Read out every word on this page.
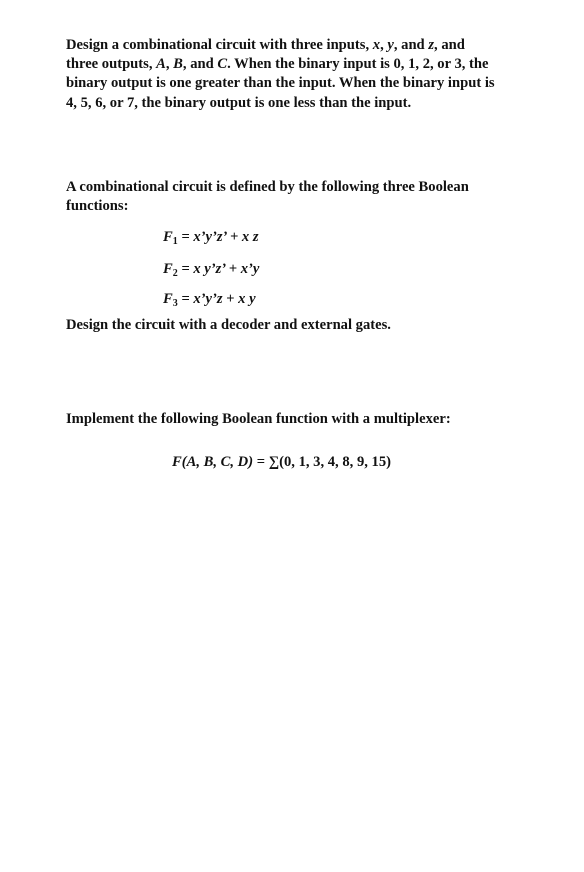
Design a combinational circuit with three inputs, x, y, and z, and three outputs, A, B, and C. When the binary input is 0, 1, 2, or 3, the binary output is one greater than the input. When the binary input is 4, 5, 6, or 7, the binary output is one less than the input.

A combinational circuit is defined by the following three Boolean functions:

$F_1$ = x’y’z’ + x z
$F_2 = x$ y’z’ + x’y
$F_3$ = x’y’z + x y

Design the circuit with a decoder and external gates.

Implement the following Boolean function with a multiplexer:

F(A, B, C, D) = ∑(0, 1, 3, 4, 8, 9, 15)
